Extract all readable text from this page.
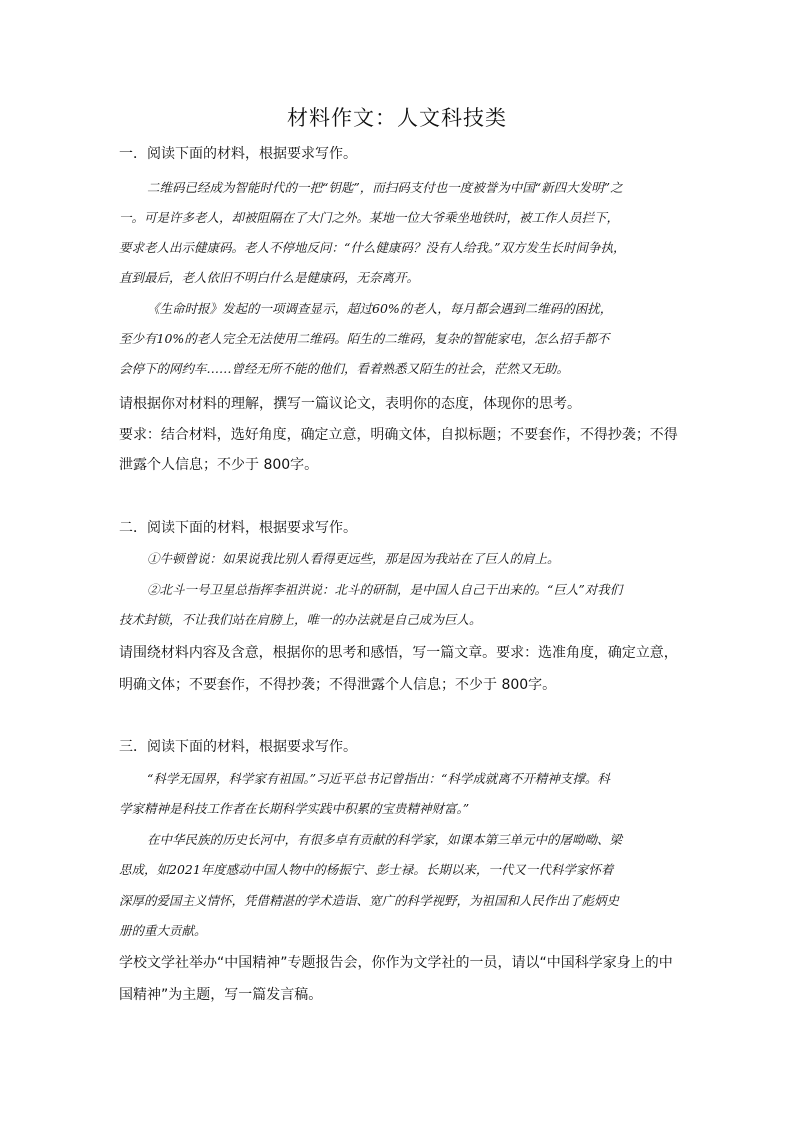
材料作文：人文科技类
一．阅读下面的材料，根据要求写作。
二维码已经成为智能时代的一把“钥匙”，而扫码支付也一度被誉为中国“新四大发明”之
一。可是许多老人，却被阻隔在了大门之外。某地一位大爷乘坐地铁时，被工作人员拦下，
要求老人出示健康码。老人不停地反问：“什么健康码？没有人给我。”双方发生长时间争执，
直到最后，老人依旧不明白什么是健康码，无奈离开。
《生命时报》发起的一项调查显示，超过60%的老人，每月都会遇到二维码的困扰，
至少有10%的老人完全无法使用二维码。陌生的二维码，复杂的智能家电，怎么招手都不
会停下的网约车……曾经无所不能的他们，看着熟悉又陌生的社会，茫然又无助。
请根据你对材料的理解，撰写一篇议论文，表明你的态度，体现你的思考。
要求：结合材料，选好角度，确定立意，明确文体，自拟标题；不要套作，不得抄袭；不得
泄露个人信息；不少于 800字。
二．阅读下面的材料，根据要求写作。
①牛顿曾说：如果说我比别人看得更远些，那是因为我站在了巨人的肩上。
②北斗一号卫星总指挥李祖洪说：北斗的研制，是中国人自己干出来的。“巨人”对我们
技术封锁，不让我们站在肩膀上，唯一的办法就是自己成为巨人。
请围绕材料内容及含意，根据你的思考和感悟，写一篇文章。要求：选准角度，确定立意，
明确文体；不要套作，不得抄袭；不得泄露个人信息；不少于 800字。
三．阅读下面的材料，根据要求写作。
“科学无国界，科学家有祖国。”习近平总书记曾指出：“科学成就离不开精神支撑。科
学家精神是科技工作者在长期科学实践中积累的宝贵精神财富。”
在中华民族的历史长河中，有很多卓有贡献的科学家，如课本第三单元中的屠呦呦、梁
思成，如2021年度感动中国人物中的杨振宁、彭士禄。长期以来，一代又一代科学家怀着
深厚的爱国主义情怀，凭借精湛的学术造诣、宽广的科学视野，为祖国和人民作出了彪炳史
册的重大贡献。
学校文学社举办“中国精神”专题报告会，你作为文学社的一员，请以“中国科学家身上的中
国精神”为主题，写一篇发言稿。
